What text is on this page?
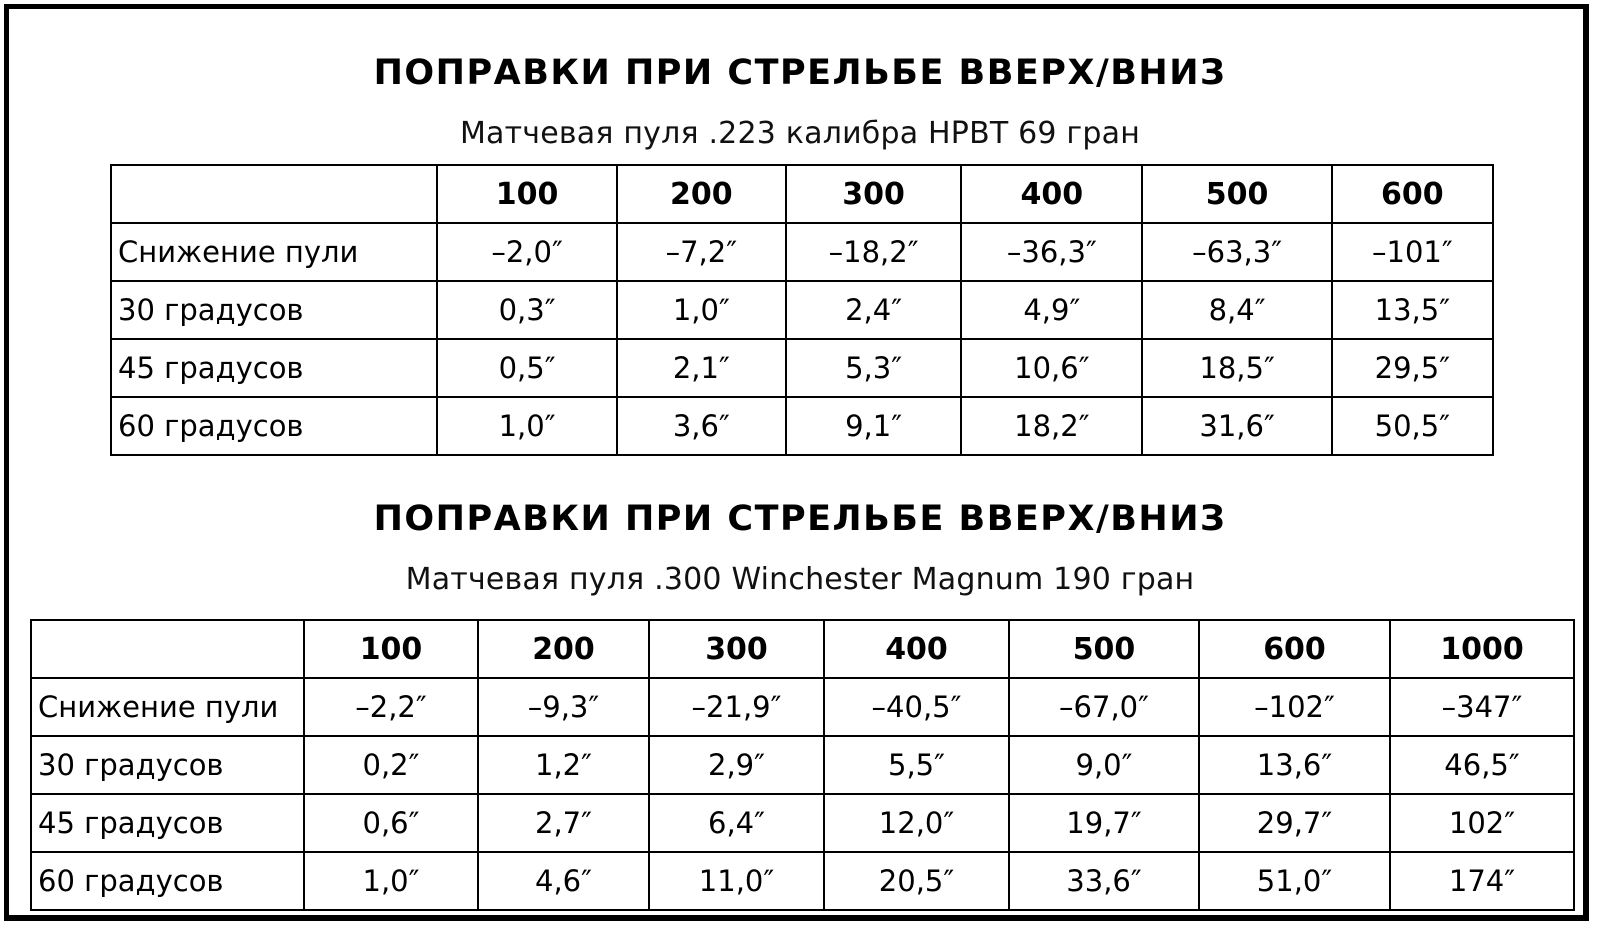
ПОПРАВКИ ПРИ СТРЕЛЬБЕ ВВЕРХ/ВНИЗ
Матчевая пуля .223 калибра HPBT 69 гран
	100	200	300	400	500	600
Снижение пули	–2,0″	–7,2″	–18,2″	–36,3″	–63,3″	–101″
30 градусов	0,3″	1,0″	2,4″	4,9″	8,4″	13,5″
45 градусов	0,5″	2,1″	5,3″	10,6″	18,5″	29,5″
60 градусов	1,0″	3,6″	9,1″	18,2″	31,6″	50,5″
ПОПРАВКИ ПРИ СТРЕЛЬБЕ ВВЕРХ/ВНИЗ
Матчевая пуля .300 Winchester Magnum 190 гран
	100	200	300	400	500	600	1000
Снижение пули	–2,2″	–9,3″	–21,9″	–40,5″	–67,0″	–102″	–347″
30 градусов	0,2″	1,2″	2,9″	5,5″	9,0″	13,6″	46,5″
45 градусов	0,6″	2,7″	6,4″	12,0″	19,7″	29,7″	102″
60 градусов	1,0″	4,6″	11,0″	20,5″	33,6″	51,0″	174″
